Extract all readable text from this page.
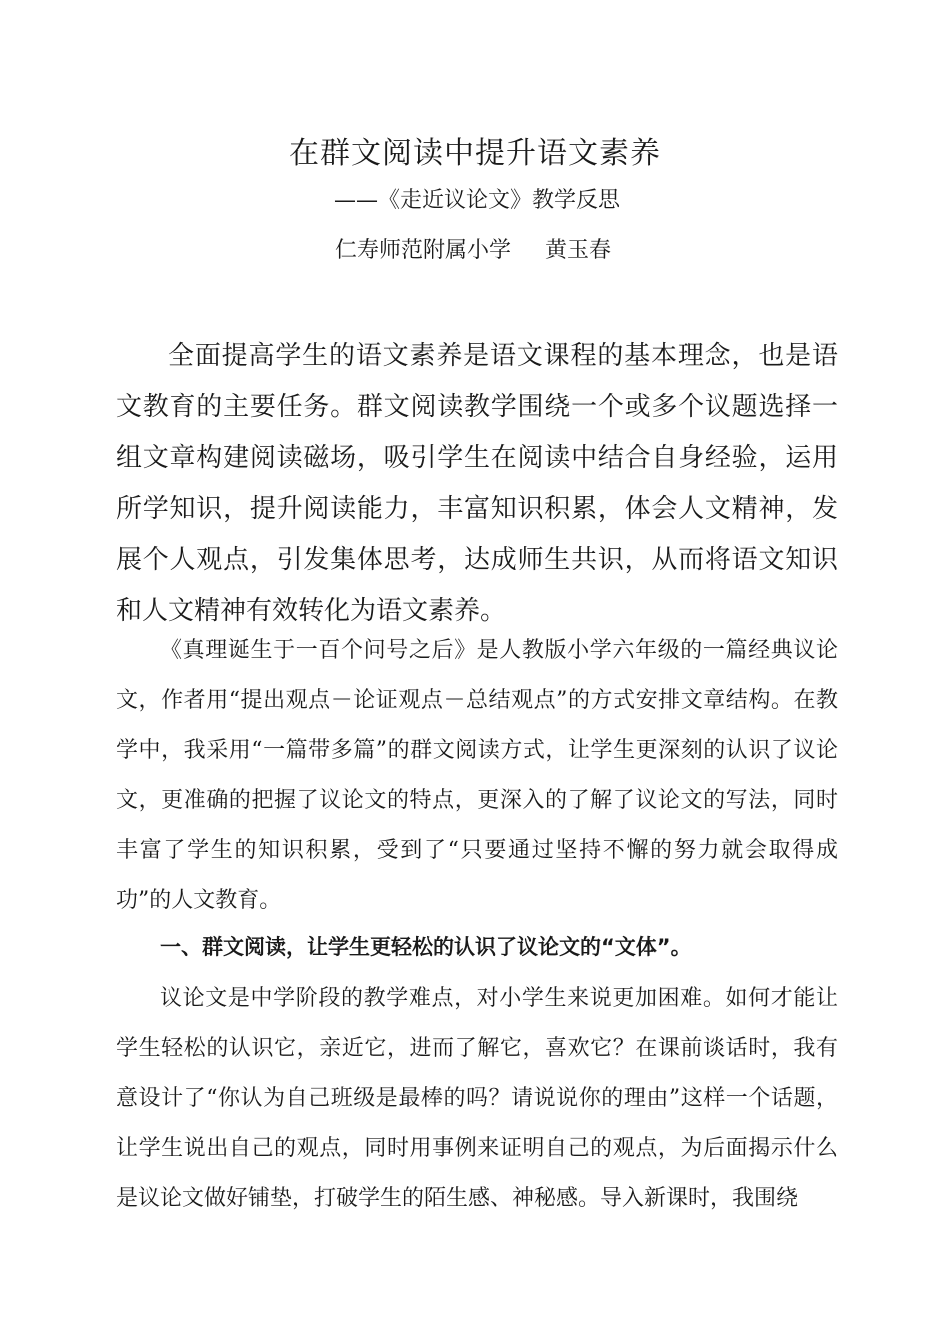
在群文阅读中提升语文素养
——《走近议论文》教学反思
仁寿师范附属小学 黄玉春

全面提高学生的语文素养是语文课程的基本理念，也是语文教育的主要任务。群文阅读教学围绕一个或多个议题选择一组文章构建阅读磁场，吸引学生在阅读中结合自身经验，运用所学知识，提升阅读能力，丰富知识积累，体会人文精神，发展个人观点，引发集体思考，达成师生共识，从而将语文知识和人文精神有效转化为语文素养。

《真理诞生于一百个问号之后》是人教版小学六年级的一篇经典议论文，作者用“提出观点－论证观点－总结观点”的方式安排文章结构。在教学中，我采用“一篇带多篇”的群文阅读方式，让学生更深刻的认识了议论文，更准确的把握了议论文的特点，更深入的了解了议论文的写法，同时丰富了学生的知识积累，受到了“只要通过坚持不懈的努力就会取得成功”的人文教育。

一、群文阅读，让学生更轻松的认识了议论文的“文体”。

议论文是中学阶段的教学难点，对小学生来说更加困难。如何才能让学生轻松的认识它，亲近它，进而了解它，喜欢它？在课前谈话时，我有意设计了“你认为自己班级是最棒的吗？请说说你的理由”这样一个话题，让学生说出自己的观点，同时用事例来证明自己的观点，为后面揭示什么是议论文做好铺垫，打破学生的陌生感、神秘感。导入新课时，我围绕
